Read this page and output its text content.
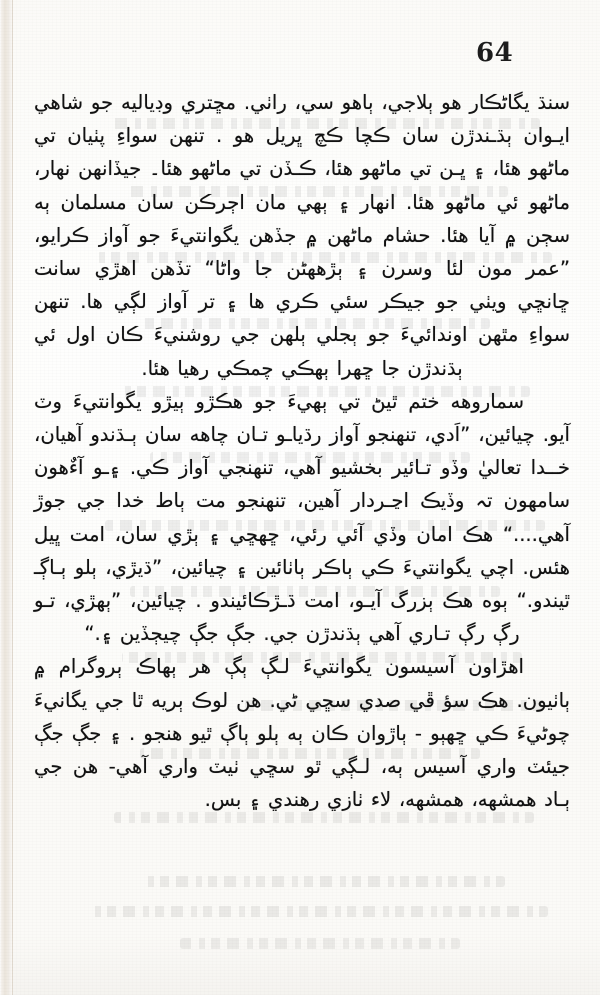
64

سنڌ يگاڻڪار هو ٻلاجي، ٻاهو سي، راٺي. مڇتري وڊياليه جو شاهي ايـوان ٻڌـندڙن سان ڪچا ڪچ ڀريل هو . تنهن سواءِ پٺيان تي ماڻهو هئا، ۽ ڀـن تي ماڻهو هئا، ڪـڏن تي ماڻهو هئا۔ جيڏانهن نهار، ماڻهو ئي ماڻهو هئا. انهار ۽ ٻهي مان اڄرڪن سان مسلمان ٻه سڄن ۾ آيا هئا. حشام ماڻهن ۾ جڏهن يگوانتيءَ جو آواز ڪرايو، ”عمر مون لئا وسرن ۽ ٻڙههڻن جا واڻا“ تڏهن اهڙي سانت ڇانڇي ويٺي جو جيڪر سئي ڪري ها ۽ تر آواز لڳي ها. تنهن سواءِ مٿهن اوندائيءَ جو ٻجلي ٻلهن جي روشنيءَ ڪان اول ئي ٻڌندڙن جا ڇهرا ٻهڪي چمڪي رهيا هئا.

سماروهه ختم ٿيڻ تي ٻهيءَ جو هڪڙو ٻيڙو يگوانتيءَ وٽ آيو. چيائين، ”اَدي، تنهنجو آواز رڌياـو تـان چاهه سان ٻـڌندو آهيان، خــدا تعاليٰ وڏو تـائير بخشيو آهي، تنهنجي آواز ڪي. ۽ـو آءٌهون سامهون تہ وڏيڪ اڃـردار آهين، تنهنجو مت ٻاط خدا جي جوڙ آهي....“ هڪ امان وڏي آئي رئي، ڇهڇي ۽ ٻڙي سان، امت ڀيل هئس. اچي يگوانتيءَ ڪي ٻاڪر ٻاٺائين ۽ چيائين، ”ڌيڙي، ٻلو ٻـاڳـ ٿيندو.“ ٻوه هڪ ٻزرگ آيـو، امت ڌـڙڪائيندو . چيائين، ”ٻهڙي، تـو رڳ رڳ تـاري آهي ٻڌندڙن جي. جڳ جڳ چيڄڏين ۽.“

اهڙاون آسيسون يگوانتيءَ لـڳ ٻڳ هر ٻهاڪ ٻروگرام ۾ ٻاٺيون. هڪ سؤ ڦي صدي سڇي ڻي. هن لوڪ ٻريه ٿا جي يگانيءَ چوڻيءَ ڪي ڇهٻو - ٻاڙوان ڪان ٻه ٻلو ٻاڳ ٿيو هنجو . ۽ جڳ جڳ جيئٽ واري آسيس ٻه، لـڳي ٿو سڇي ٺيٽ واري آهي- هن جي ٻـاد همشهه، همشهه، لاء ٺازي رهندي ۽ بس.
